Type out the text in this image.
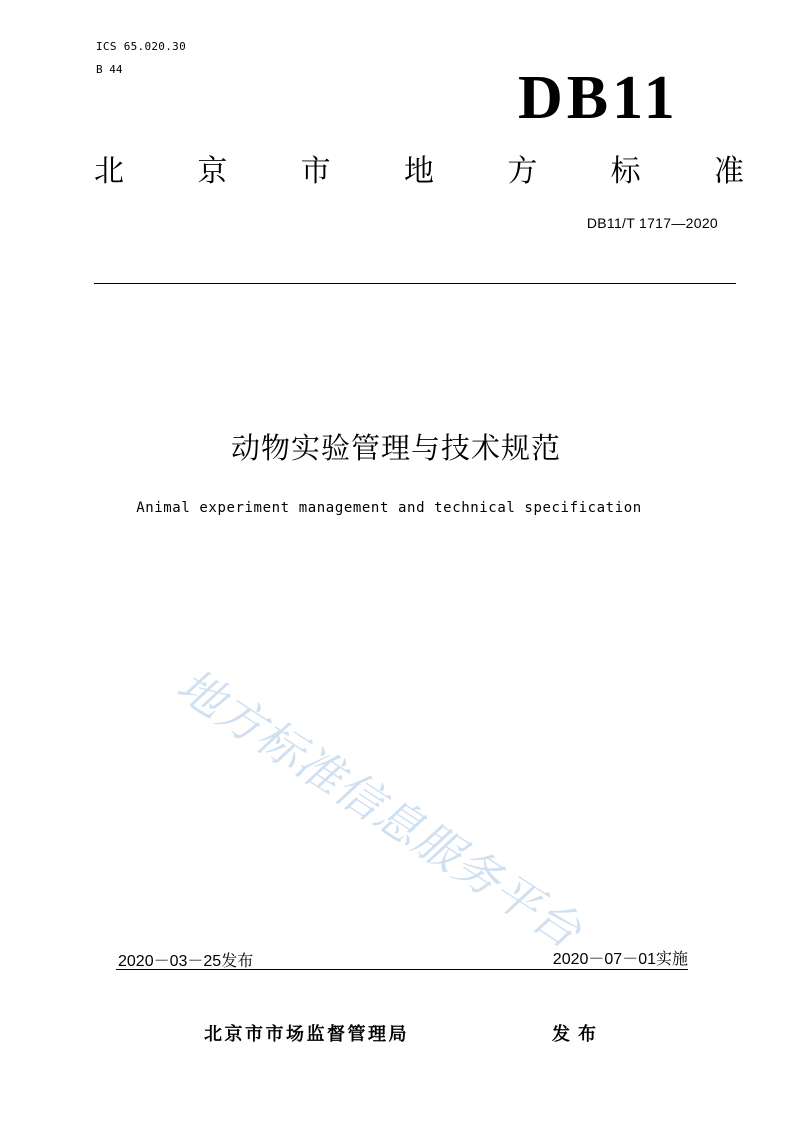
ICS 65.020.30
B 44	DB11
北 京 市 地 方 标 准
DB11/T 1717—2020
动物实验管理与技术规范
Animal experiment management and technical specification
地方标准信息服务平台
2020－03－25发布	2020－07－01实施
北京市市场监督管理局	发布
